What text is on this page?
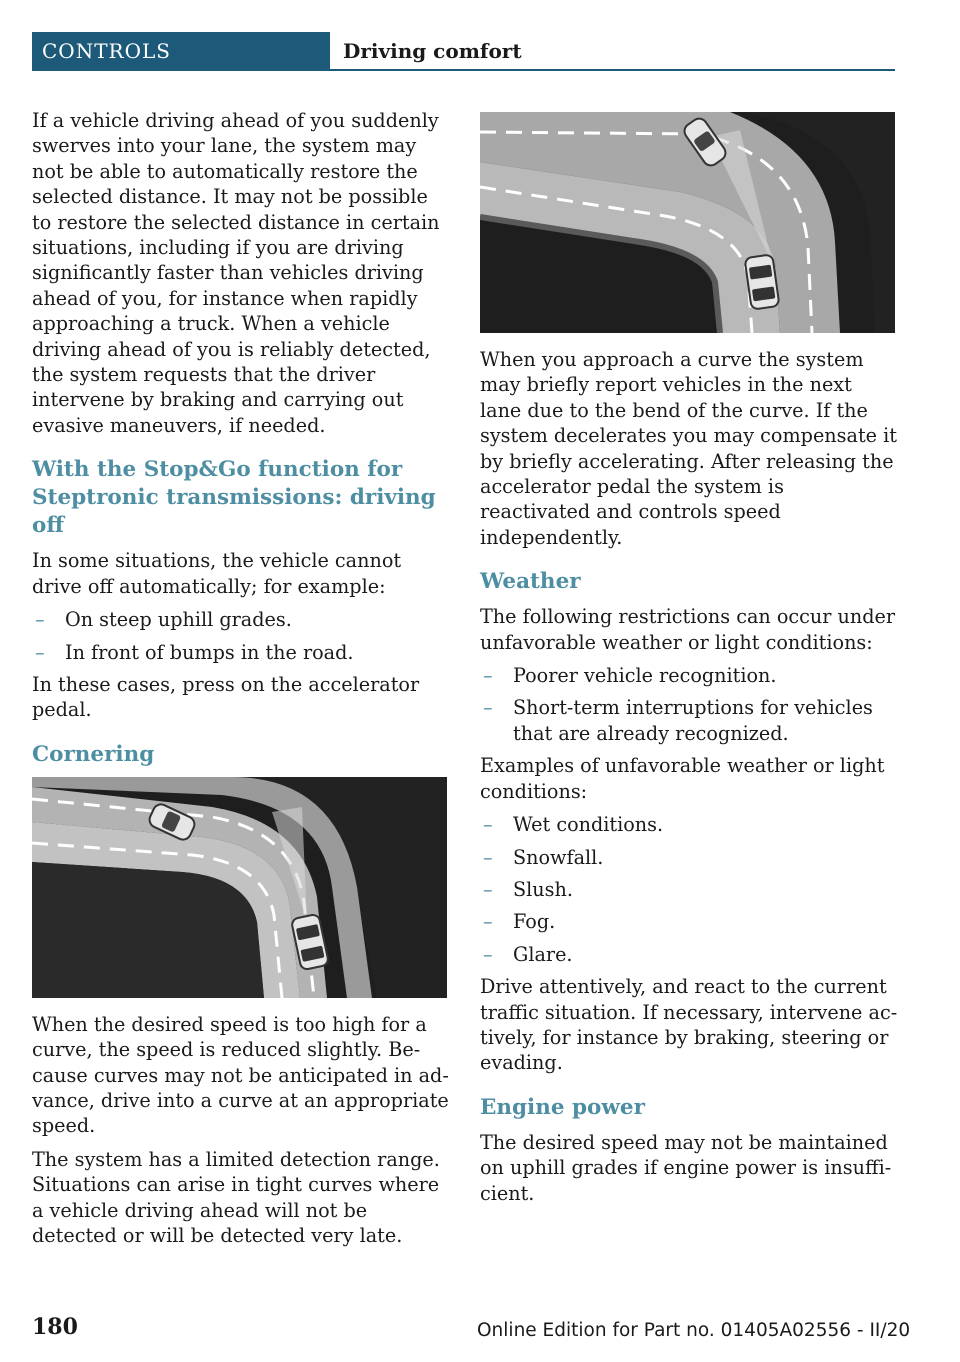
CONTROLS	Driving comfort

If a vehicle driving ahead of you suddenly swerves into your lane, the system may not be able to automatically restore the selected distance. It may not be possible to restore the selected distance in certain situations, including if you are driving significantly faster than vehicles driving ahead of you, for instance when rapidly approaching a truck. When a vehicle driving ahead of you is reliably detected, the system requests that the driver intervene by braking and carrying out evasive maneuvers, if needed.

With the Stop&Go function for Steptronic transmissions: driving off

In some situations, the vehicle cannot drive off automatically; for example:

– On steep uphill grades.
– In front of bumps in the road.

In these cases, press on the accelerator pedal.

Cornering

When the desired speed is too high for a curve, the speed is reduced slightly. Because curves may not be anticipated in advance, drive into a curve at an appropriate speed.

The system has a limited detection range. Situations can arise in tight curves where a vehicle driving ahead will not be detected or will be detected very late.

When you approach a curve the system may briefly report vehicles in the next lane due to the bend of the curve. If the system decelerates you may compensate it by briefly accelerating. After releasing the accelerator pedal the system is reactivated and controls speed independently.

Weather

The following restrictions can occur under unfavorable weather or light conditions:

– Poorer vehicle recognition.
– Short-term interruptions for vehicles that are already recognized.

Examples of unfavorable weather or light conditions:

– Wet conditions.
– Snowfall.
– Slush.
– Fog.
– Glare.

Drive attentively, and react to the current traffic situation. If necessary, intervene actively, for instance by braking, steering or evading.

Engine power

The desired speed may not be maintained on uphill grades if engine power is insufficient.

180	Online Edition for Part no. 01405A02556 - II/20
